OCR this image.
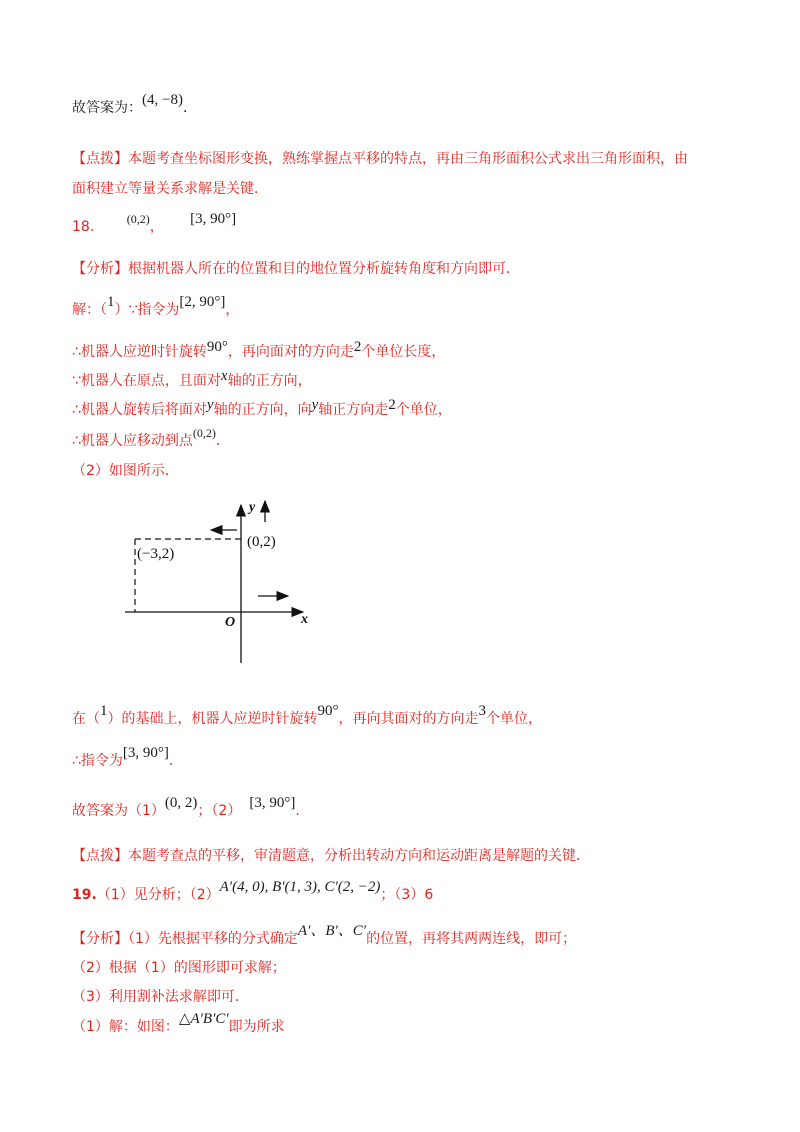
故答案为：(4, −8).
【点拨】本题考查坐标图形变换，熟练掌握点平移的特点，再由三角形面积公式求出三角形面积，由
面积建立等量关系求解是关键．
18.	(0,2)， [3, 90°]
【分析】根据机器人所在的位置和目的地位置分析旋转角度和方向即可．
解：（1）∵指令为[2, 90°]，
∴机器人应逆时针旋转90°，再向面对的方向走2个单位长度，
∵机器人在原点，且面对x轴的正方向，
∴机器人旋转后将面对y轴的正方向，向y轴正方向走2个单位，
∴机器人应移动到点(0,2).
（2）如图所示．
y
x
O
(0,2)
(−3,2)
在（1）的基础上，机器人应逆时针旋转90°，再向其面对的方向走3个单位，
∴指令为[3, 90°].
故答案为（1）(0, 2)；（2） [3, 90°].
【点拨】本题考查点的平移，审清题意，分析出转动方向和运动距离是解题的关键．
19.（1）见分析；（2）A′(4, 0), B′(1, 3), C′(2, −2)；（3）6
【分析】（1）先根据平移的分式确定A′、B′、C′的位置，再将其两两连线，即可；
（2）根据（1）的图形即可求解；
（3）利用割补法求解即可．
（1）解：如图：△A′B′C′即为所求
